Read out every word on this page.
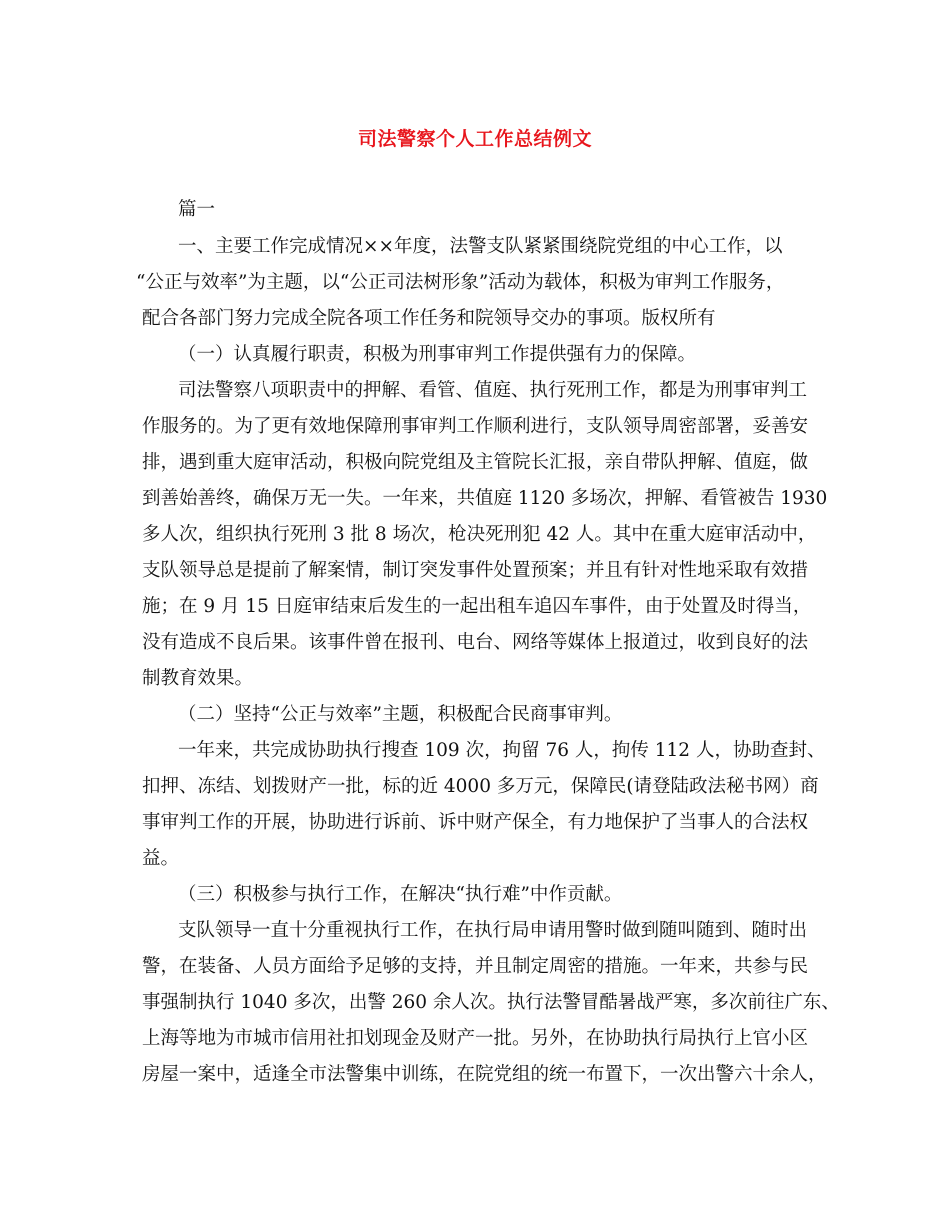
司法警察个人工作总结例文
篇一
一、主要工作完成情况××年度，法警支队紧紧围绕院党组的中心工作，以
“公正与效率”为主题，以“公正司法树形象”活动为载体，积极为审判工作服务，
配合各部门努力完成全院各项工作任务和院领导交办的事项。版权所有
（一）认真履行职责，积极为刑事审判工作提供强有力的保障。
司法警察八项职责中的押解、看管、值庭、执行死刑工作，都是为刑事审判工
作服务的。为了更有效地保障刑事审判工作顺利进行，支队领导周密部署，妥善安
排，遇到重大庭审活动，积极向院党组及主管院长汇报，亲自带队押解、值庭，做
到善始善终，确保万无一失。一年来，共值庭 1120 多场次，押解、看管被告 1930
多人次，组织执行死刑 3 批 8 场次，枪决死刑犯 42 人。其中在重大庭审活动中，
支队领导总是提前了解案情，制订突发事件处置预案；并且有针对性地采取有效措
施；在 9 月 15 日庭审结束后发生的一起出租车追囚车事件，由于处置及时得当，
没有造成不良后果。该事件曾在报刊、电台、网络等媒体上报道过，收到良好的法
制教育效果。
（二）坚持“公正与效率”主题，积极配合民商事审判。
一年来，共完成协助执行搜查 109 次，拘留 76 人，拘传 112 人，协助查封、
扣押、冻结、划拨财产一批，标的近 4000 多万元，保障民(请登陆政法秘书网）商
事审判工作的开展，协助进行诉前、诉中财产保全，有力地保护了当事人的合法权
益。
（三）积极参与执行工作，在解决“执行难”中作贡献。
支队领导一直十分重视执行工作，在执行局申请用警时做到随叫随到、随时出
警，在装备、人员方面给予足够的支持，并且制定周密的措施。一年来，共参与民
事强制执行 1040 多次，出警 260 余人次。执行法警冒酷暑战严寒，多次前往广东、
上海等地为市城市信用社扣划现金及财产一批。另外，在协助执行局执行上官小区
房屋一案中，适逢全市法警集中训练，在院党组的统一布置下，一次出警六十余人，
